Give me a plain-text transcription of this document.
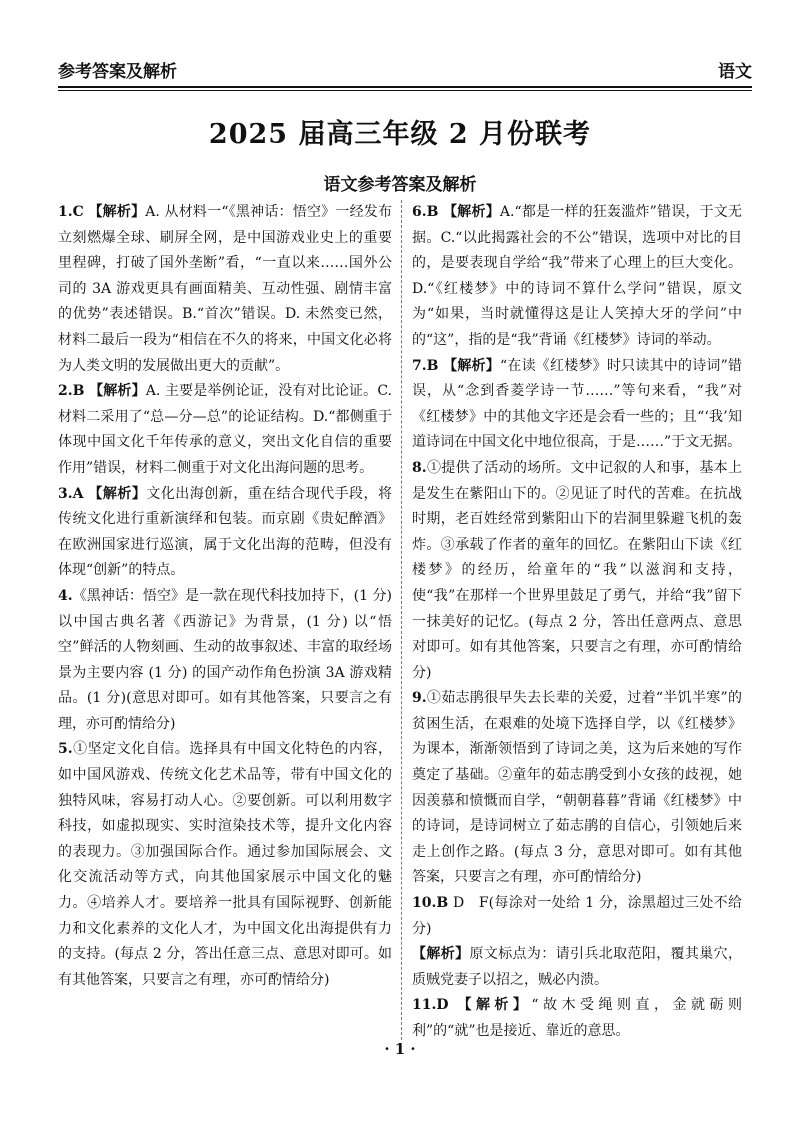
参考答案及解析	语文
2025 届高三年级 2 月份联考
语文参考答案及解析

1.C 【解析】A. 从材料一“《黑神话：悟空》一经发布立刻燃爆全球、刷屏全网，是中国游戏业史上的重要里程碑，打破了国外垄断”看，“一直以来……国外公司的 3A 游戏更具有画面精美、互动性强、剧情丰富的优势”表述错误。B.“首次”错误。D. 未然变已然，材料二最后一段为“相信在不久的将来，中国文化必将为人类文明的发展做出更大的贡献”。

2.B 【解析】A. 主要是举例论证，没有对比论证。C. 材料二采用了“总—分—总”的论证结构。D.“都侧重于体现中国文化千年传承的意义，突出文化自信的重要作用”错误，材料二侧重于对文化出海问题的思考。

3.A 【解析】文化出海创新，重在结合现代手段，将传统文化进行重新演绎和包装。而京剧《贵妃醉酒》在欧洲国家进行巡演，属于文化出海的范畴，但没有体现“创新”的特点。

4.《黑神话：悟空》是一款在现代科技加持下，(1 分) 以中国古典名著《西游记》为背景，(1 分) 以“悟空”鲜活的人物刻画、生动的故事叙述、丰富的取经场景为主要内容 (1 分) 的国产动作角色扮演 3A 游戏精品。(1 分)(意思对即可。如有其他答案，只要言之有理，亦可酌情给分)

5.①坚定文化自信。选择具有中国文化特色的内容，如中国风游戏、传统文化艺术品等，带有中国文化的独特风味，容易打动人心。②要创新。可以利用数字科技，如虚拟现实、实时渲染技术等，提升文化内容的表现力。③加强国际合作。通过参加国际展会、文化交流活动等方式，向其他国家展示中国文化的魅力。④培养人才。要培养一批具有国际视野、创新能力和文化素养的文化人才，为中国文化出海提供有力的支持。(每点 2 分，答出任意三点、意思对即可。如有其他答案，只要言之有理，亦可酌情给分)

6.B 【解析】A.“都是一样的狂轰滥炸”错误，于文无据。C.“以此揭露社会的不公”错误，选项中对比的目的，是要表现自学给“我”带来了心理上的巨大变化。D.“《红楼梦》中的诗词不算什么学问”错误，原文为“如果，当时就懂得这是让人笑掉大牙的学问”中的“这”，指的是“我”背诵《红楼梦》诗词的举动。

7.B 【解析】“在读《红楼梦》时只读其中的诗词”错误，从“念到香菱学诗一节……”等句来看，“我”对《红楼梦》中的其他文字还是会看一些的；且“‘我’知道诗词在中国文化中地位很高，于是……”于文无据。

8.①提供了活动的场所。文中记叙的人和事，基本上是发生在紫阳山下的。②见证了时代的苦难。在抗战时期，老百姓经常到紫阳山下的岩洞里躲避飞机的轰炸。③承载了作者的童年的回忆。在紫阳山下读《红楼梦》的经历，给童年的“我”以滋润和支持，使“我”在那样一个世界里鼓足了勇气，并给“我”留下一抹美好的记忆。(每点 2 分，答出任意两点、意思对即可。如有其他答案，只要言之有理，亦可酌情给分)

9.①茹志鹃很早失去长辈的关爱，过着“半饥半寒”的贫困生活，在艰难的处境下选择自学，以《红楼梦》为课本，渐渐领悟到了诗词之美，这为后来她的写作奠定了基础。②童年的茹志鹃受到小女孩的歧视，她因羡慕和愤慨而自学，“朝朝暮暮”背诵《红楼梦》中的诗词，是诗词树立了茹志鹃的自信心，引领她后来走上创作之路。(每点 3 分，意思对即可。如有其他答案，只要言之有理，亦可酌情给分)

10.B D　F(每涂对一处给 1 分，涂黑超过三处不给分)

【解析】原文标点为：请引兵北取范阳，覆其巢穴，质贼党妻子以招之，贼必内溃。

11.D 【解析】“故木受绳则直，金就砺则利”的“就”也是接近、靠近的意思。

· 1 ·
